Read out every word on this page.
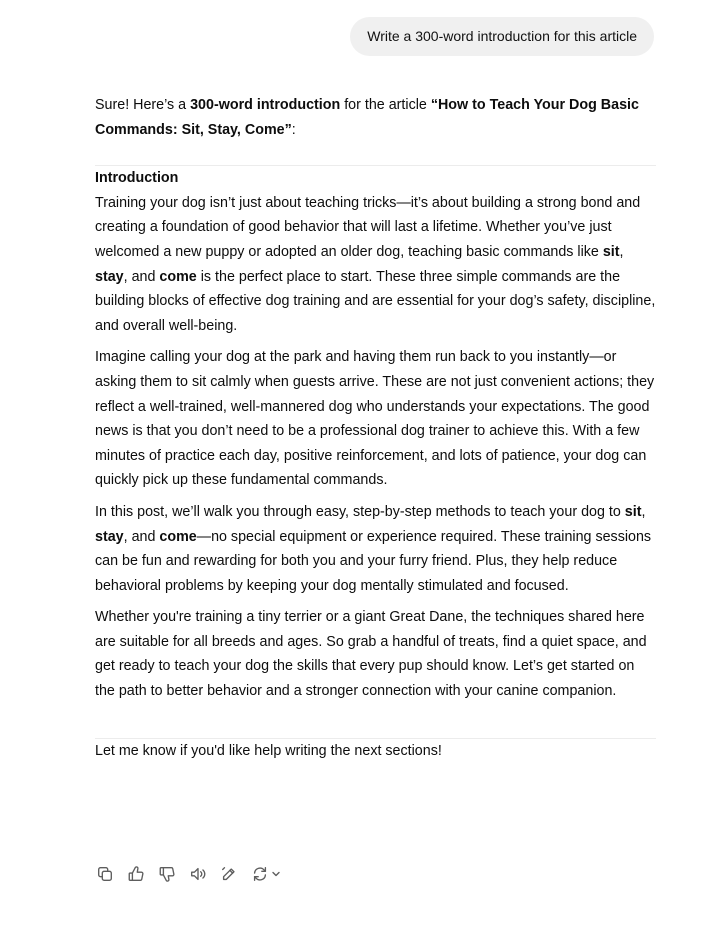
Write a 300-word introduction for this article

Sure! Here’s a 300-word introduction for the article “How to Teach Your Dog Basic Commands: Sit, Stay, Come”:

Introduction

Training your dog isn’t just about teaching tricks—it’s about building a strong bond and creating a foundation of good behavior that will last a lifetime. Whether you’ve just welcomed a new puppy or adopted an older dog, teaching basic commands like sit, stay, and come is the perfect place to start. These three simple commands are the building blocks of effective dog training and are essential for your dog’s safety, discipline, and overall well-being.

Imagine calling your dog at the park and having them run back to you instantly—or asking them to sit calmly when guests arrive. These are not just convenient actions; they reflect a well-trained, well-mannered dog who understands your expectations. The good news is that you don’t need to be a professional dog trainer to achieve this. With a few minutes of practice each day, positive reinforcement, and lots of patience, your dog can quickly pick up these fundamental commands.

In this post, we’ll walk you through easy, step-by-step methods to teach your dog to sit, stay, and come—no special equipment or experience required. These training sessions can be fun and rewarding for both you and your furry friend. Plus, they help reduce behavioral problems by keeping your dog mentally stimulated and focused.

Whether you're training a tiny terrier or a giant Great Dane, the techniques shared here are suitable for all breeds and ages. So grab a handful of treats, find a quiet space, and get ready to teach your dog the skills that every pup should know. Let’s get started on the path to better behavior and a stronger connection with your canine companion.

Let me know if you'd like help writing the next sections!
